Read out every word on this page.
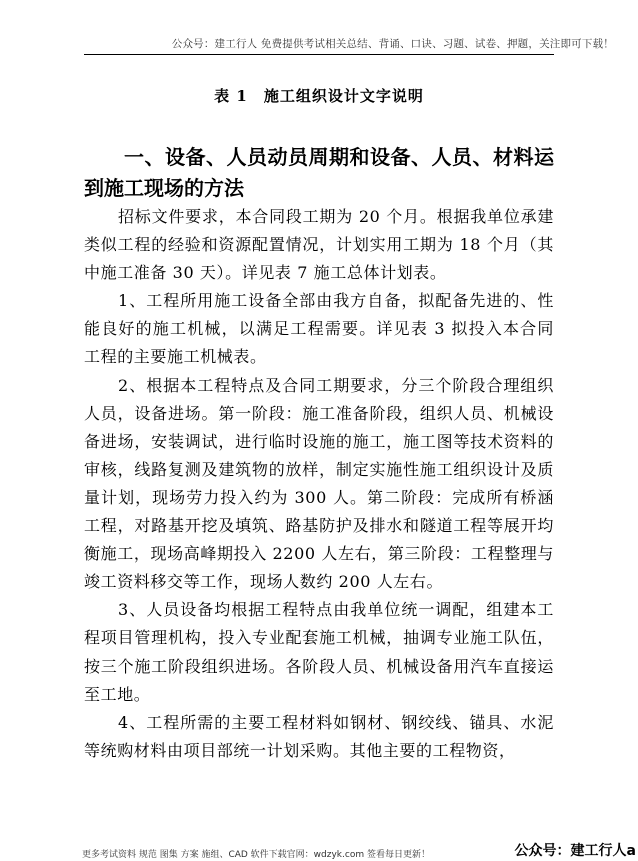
公众号：建工行人 免费提供考试相关总结、背诵、口诀、习题、试卷、押题，关注即可下载！
表 1　施工组织设计文字说明
一、设备、人员动员周期和设备、人员、材料运到施工现场的方法

招标文件要求，本合同段工期为 20 个月。根据我单位承建类似工程的经验和资源配置情况，计划实用工期为 18 个月（其中施工准备 30 天）。详见表 7 施工总体计划表。

1、工程所用施工设备全部由我方自备，拟配备先进的、性能良好的施工机械，以满足工程需要。详见表 3 拟投入本合同工程的主要施工机械表。

2、根据本工程特点及合同工期要求，分三个阶段合理组织人员，设备进场。第一阶段：施工准备阶段，组织人员、机械设备进场，安装调试，进行临时设施的施工，施工图等技术资料的审核，线路复测及建筑物的放样，制定实施性施工组织设计及质量计划，现场劳力投入约为 300 人。第二阶段：完成所有桥涵工程，对路基开挖及填筑、路基防护及排水和隧道工程等展开均衡施工，现场高峰期投入 2200 人左右，第三阶段：工程整理与竣工资料移交等工作，现场人数约 200 人左右。

3、人员设备均根据工程特点由我单位统一调配，组建本工程项目管理机构，投入专业配套施工机械，抽调专业施工队伍，按三个施工阶段组织进场。各阶段人员、机械设备用汽车直接运至工地。

4、工程所需的主要工程材料如钢材、钢绞线、锚具、水泥等统购材料由项目部统一计划采购。其他主要的工程物资，

更多考试资料 规范 图集 方案 施组、CAD 软件下载官网：wdzyk.com 签看每日更新！	公众号：建工行人a
